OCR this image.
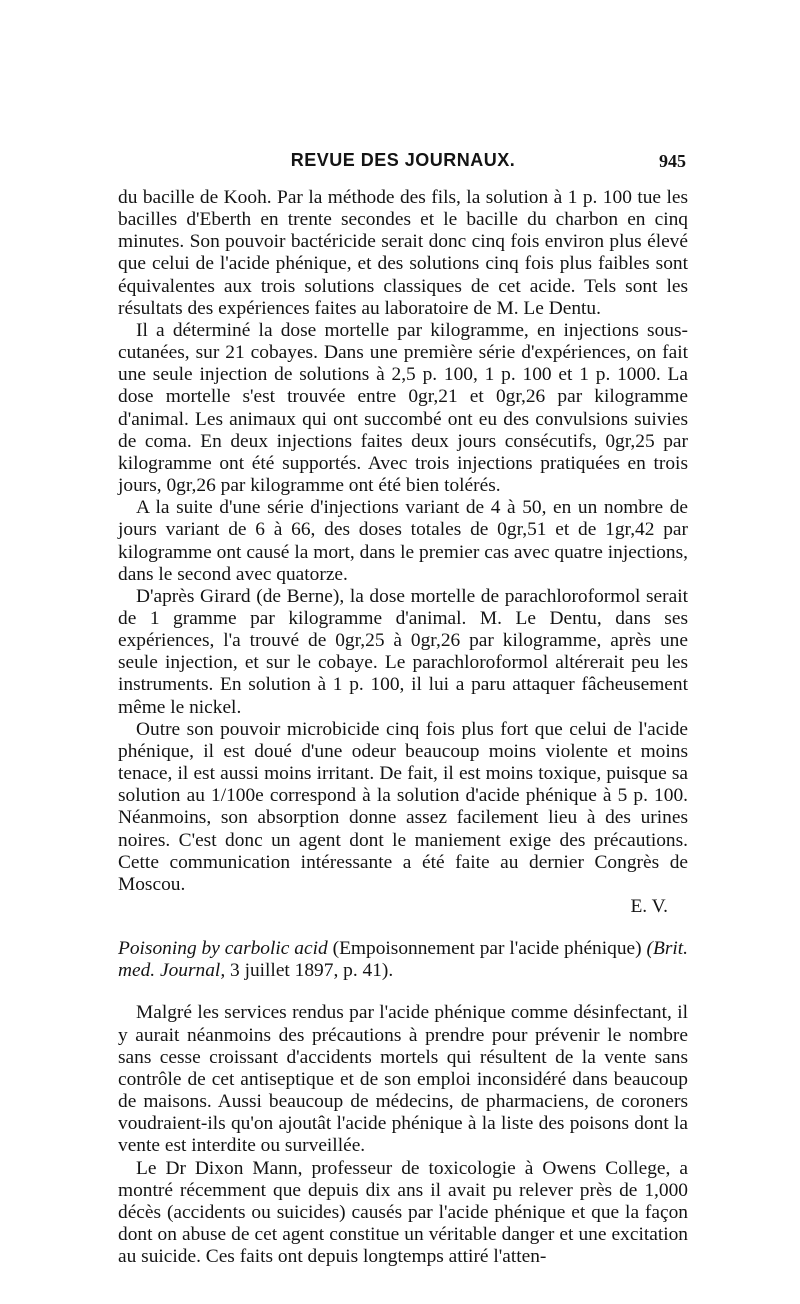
REVUE DES JOURNAUX.	945

du bacille de Kooh. Par la méthode des fils, la solution à 1 p. 100 tue les bacilles d'Eberth en trente secondes et le bacille du charbon en cinq minutes. Son pouvoir bactéricide serait donc cinq fois environ plus élevé que celui de l'acide phénique, et des solutions cinq fois plus faibles sont équivalentes aux trois solutions classiques de cet acide. Tels sont les résultats des expériences faites au laboratoire de M. Le Dentu.

Il a déterminé la dose mortelle par kilogramme, en injections sous-cutanées, sur 21 cobayes. Dans une première série d'expériences, on fait une seule injection de solutions à 2,5 p. 100, 1 p. 100 et 1 p. 1000. La dose mortelle s'est trouvée entre 0gr,21 et 0gr,26 par kilogramme d'animal. Les animaux qui ont succombé ont eu des convulsions suivies de coma. En deux injections faites deux jours consécutifs, 0gr,25 par kilogramme ont été supportés. Avec trois injections pratiquées en trois jours, 0gr,26 par kilogramme ont été bien tolérés.

A la suite d'une série d'injections variant de 4 à 50, en un nombre de jours variant de 6 à 66, des doses totales de 0gr,51 et de 1gr,42 par kilogramme ont causé la mort, dans le premier cas avec quatre injections, dans le second avec quatorze.

D'après Girard (de Berne), la dose mortelle de parachloroformol serait de 1 gramme par kilogramme d'animal. M. Le Dentu, dans ses expériences, l'a trouvé de 0gr,25 à 0gr,26 par kilogramme, après une seule injection, et sur le cobaye. Le parachloroformol altérerait peu les instruments. En solution à 1 p. 100, il lui a paru attaquer fâcheusement même le nickel.

Outre son pouvoir microbicide cinq fois plus fort que celui de l'acide phénique, il est doué d'une odeur beaucoup moins violente et moins tenace, il est aussi moins irritant. De fait, il est moins toxique, puisque sa solution au 1/100e correspond à la solution d'acide phénique à 5 p. 100. Néanmoins, son absorption donne assez facilement lieu à des urines noires. C'est donc un agent dont le maniement exige des précautions. Cette communication intéressante a été faite au dernier Congrès de Moscou.

E. V.

Poisoning by carbolic acid (Empoisonnement par l'acide phénique) (Brit. med. Journal, 3 juillet 1897, p. 41).

Malgré les services rendus par l'acide phénique comme désinfectant, il y aurait néanmoins des précautions à prendre pour prévenir le nombre sans cesse croissant d'accidents mortels qui résultent de la vente sans contrôle de cet antiseptique et de son emploi inconsidéré dans beaucoup de maisons. Aussi beaucoup de médecins, de pharmaciens, de coroners voudraient-ils qu'on ajoutât l'acide phénique à la liste des poisons dont la vente est interdite ou surveillée.

Le Dr Dixon Mann, professeur de toxicologie à Owens College, a montré récemment que depuis dix ans il avait pu relever près de 1,000 décès (accidents ou suicides) causés par l'acide phénique et que la façon dont on abuse de cet agent constitue un véritable danger et une excitation au suicide. Ces faits ont depuis longtemps attiré l'atten-
